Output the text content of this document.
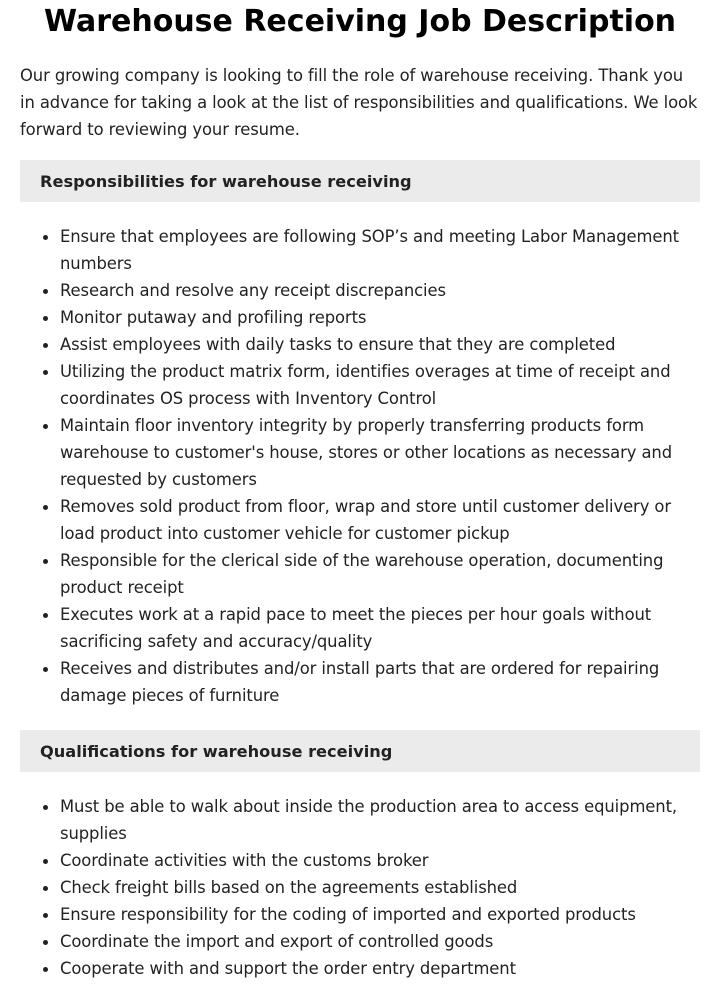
Warehouse Receiving Job Description

Our growing company is looking to fill the role of warehouse receiving. Thank you in advance for taking a look at the list of responsibilities and qualifications. We look forward to reviewing your resume.

Responsibilities for warehouse receiving
Ensure that employees are following SOP’s and meeting Labor Management numbers
Research and resolve any receipt discrepancies
Monitor putaway and profiling reports
Assist employees with daily tasks to ensure that they are completed
Utilizing the product matrix form, identifies overages at time of receipt and coordinates OS process with Inventory Control
Maintain floor inventory integrity by properly transferring products form warehouse to customer's house, stores or other locations as necessary and requested by customers
Removes sold product from floor, wrap and store until customer delivery or load product into customer vehicle for customer pickup
Responsible for the clerical side of the warehouse operation, documenting product receipt
Executes work at a rapid pace to meet the pieces per hour goals without sacrificing safety and accuracy/quality
Receives and distributes and/or install parts that are ordered for repairing damage pieces of furniture
Qualifications for warehouse receiving
Must be able to walk about inside the production area to access equipment, supplies
Coordinate activities with the customs broker
Check freight bills based on the agreements established
Ensure responsibility for the coding of imported and exported products
Coordinate the import and export of controlled goods
Cooperate with and support the order entry department
